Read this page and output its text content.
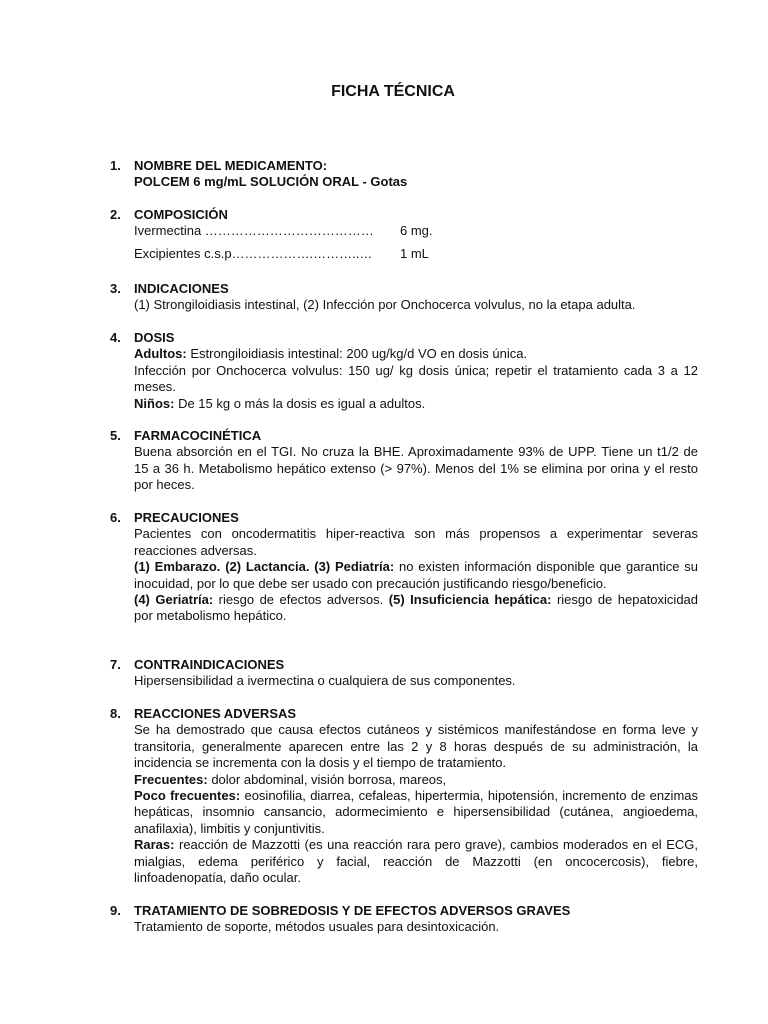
FICHA TÉCNICA
1.	NOMBRE DEL MEDICAMENTO:
POLCEM 6 mg/mL SOLUCIÓN ORAL - Gotas
2.	COMPOSICIÓN
Ivermectina ………………………………… 6 mg.
Excipientes c.s.p……………….………..… 1 mL
3.	INDICACIONES
(1) Strongiloidiasis intestinal, (2) Infección por Onchocerca volvulus, no la etapa adulta.
4.	DOSIS
Adultos: Estrongiloidiasis intestinal: 200 ug/kg/d VO en dosis única.
Infección por Onchocerca volvulus: 150 ug/ kg dosis única; repetir el tratamiento cada 3 a 12 meses.
Niños: De 15 kg o más la dosis es igual a adultos.
5.	FARMACOCINÉTICA
Buena absorción en el TGI. No cruza la BHE. Aproximadamente 93% de UPP. Tiene un t1/2 de 15 a 36 h. Metabolismo hepático extenso (> 97%). Menos del 1% se elimina por orina y el resto por heces.
6.	PRECAUCIONES
Pacientes con oncodermatitis hiper-reactiva son más propensos a experimentar severas reacciones adversas.
(1) Embarazo. (2) Lactancia. (3) Pediatría: no existen información disponible que garantice su inocuidad, por lo que debe ser usado con precaución justificando riesgo/beneficio.
(4) Geriatría: riesgo de efectos adversos. (5) Insuficiencia hepática: riesgo de hepatoxicidad por metabolismo hepático.
7.	CONTRAINDICACIONES
Hipersensibilidad a ivermectina o cualquiera de sus componentes.
8.	REACCIONES ADVERSAS
Se ha demostrado que causa efectos cutáneos y sistémicos manifestándose en forma leve y transitoria, generalmente aparecen entre las 2 y 8 horas después de su administración, la incidencia se incrementa con la dosis y el tiempo de tratamiento.
Frecuentes: dolor abdominal, visión borrosa, mareos,
Poco frecuentes: eosinofilia, diarrea, cefaleas, hipertermia, hipotensión, incremento de enzimas hepáticas, insomnio cansancio, adormecimiento e hipersensibilidad (cutánea, angioedema, anafilaxia), limbitis y conjuntivitis.
Raras: reacción de Mazzotti (es una reacción rara pero grave), cambios moderados en el ECG, mialgias, edema periférico y facial, reacción de Mazzotti (en oncocercosis), fiebre, linfoadenopatía, daño ocular.
9.	TRATAMIENTO DE SOBREDOSIS Y DE EFECTOS ADVERSOS GRAVES
Tratamiento de soporte, métodos usuales para desintoxicación.
